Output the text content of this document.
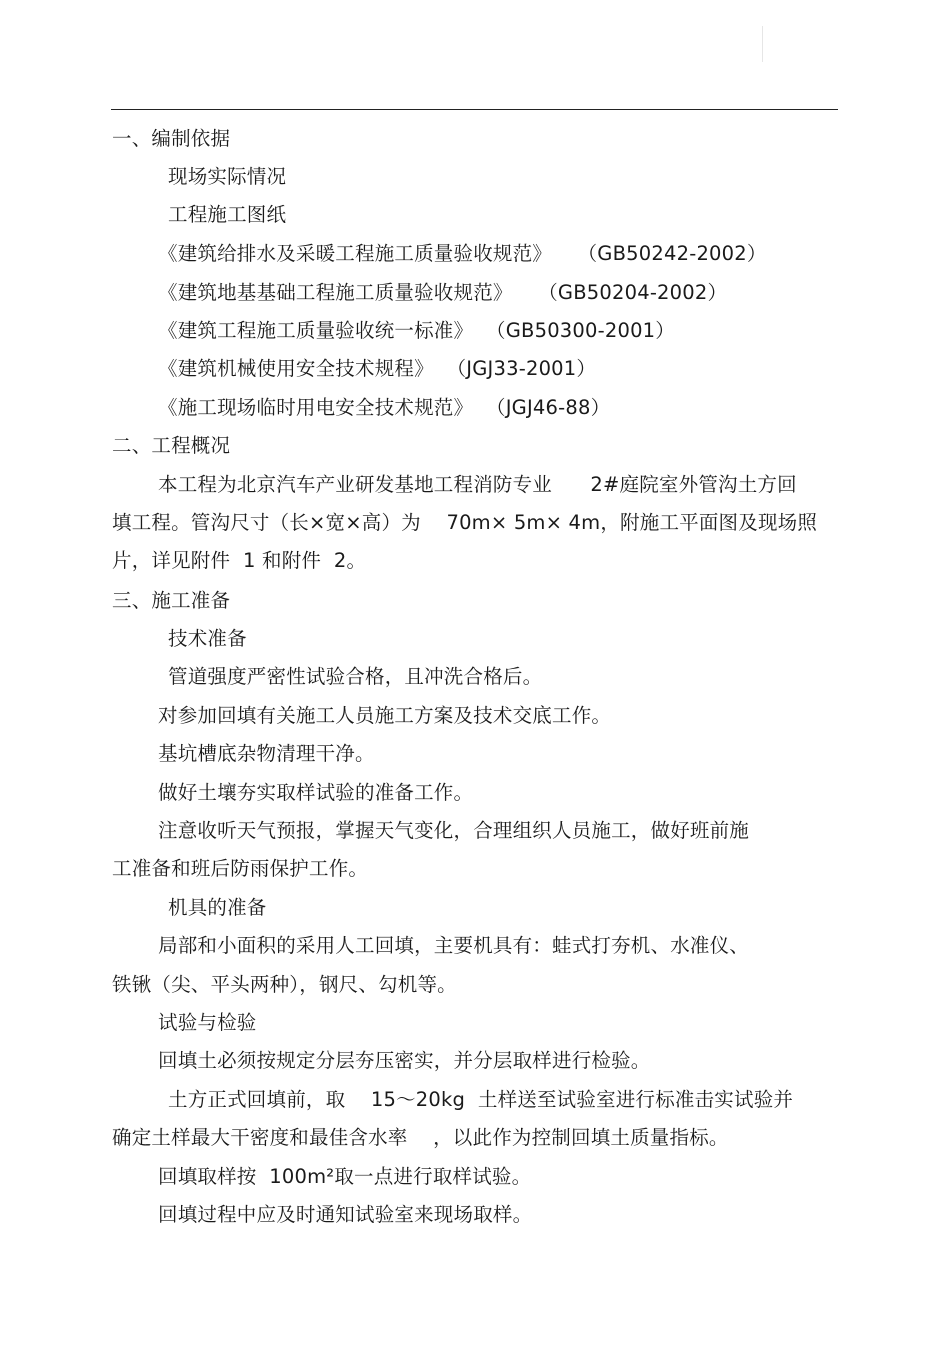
一、编制依据
现场实际情况
工程施工图纸
《建筑给排水及采暖工程施工质量验收规范》    （GB50242-2002）
《建筑地基基础工程施工质量验收规范》    （GB50204-2002）
《建筑工程施工质量验收统一标准》  （GB50300-2001）
《建筑机械使用安全技术规程》  （JGJ33-2001）
《施工现场临时用电安全技术规范》  （JGJ46-88）
二、工程概况
本工程为北京汽车产业研发基地工程消防专业      2#庭院室外管沟土方回
填工程。管沟尺寸（长×宽×高）为    70m× 5m× 4m，附施工平面图及现场照
片，详见附件  1 和附件  2。
三、施工准备
技术准备
管道强度严密性试验合格，且冲洗合格后。
对参加回填有关施工人员施工方案及技术交底工作。
基坑槽底杂物清理干净。
做好土壤夯实取样试验的准备工作。
注意收听天气预报，掌握天气变化，合理组织人员施工，做好班前施
工准备和班后防雨保护工作。
机具的准备
局部和小面积的采用人工回填，主要机具有：蛙式打夯机、水准仪、
铁锹（尖、平头两种），钢尺、勾机等。
试验与检验
回填土必须按规定分层夯压密实，并分层取样进行检验。
土方正式回填前，取    15～20kg  土样送至试验室进行标准击实试验并
确定土样最大干密度和最佳含水率    ，以此作为控制回填土质量指标。
回填取样按  100m²取一点进行取样试验。
回填过程中应及时通知试验室来现场取样。
